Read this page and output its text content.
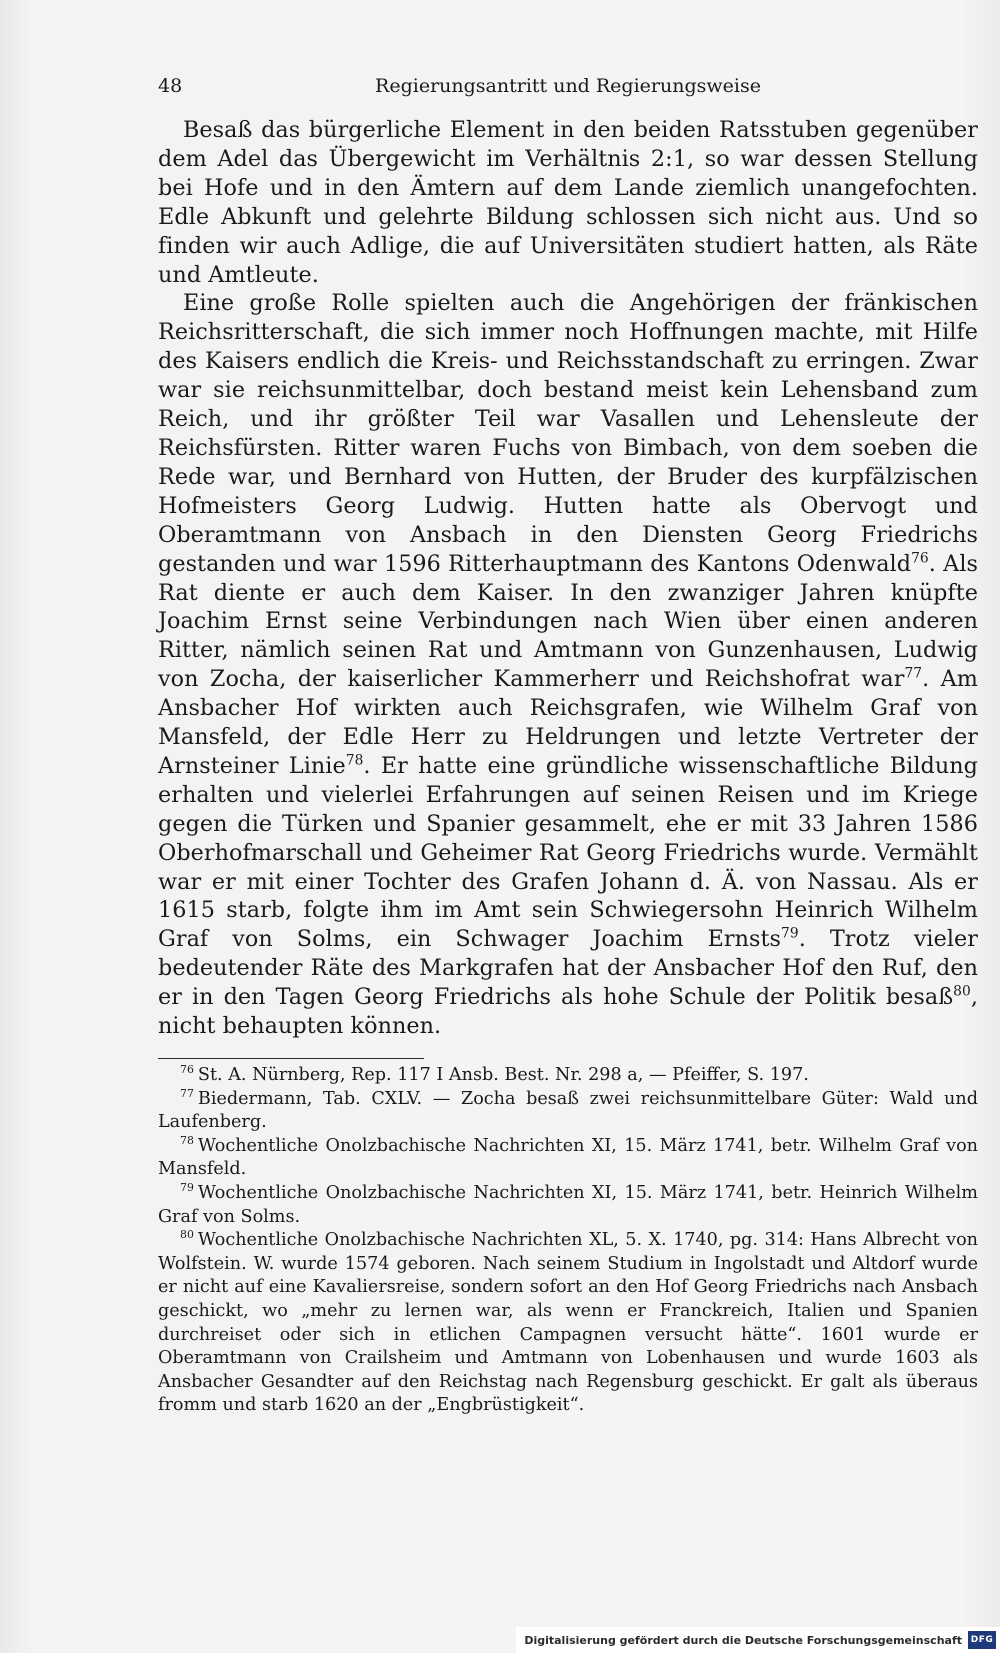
48	Regierungsantritt und Regierungsweise

Besaß das bürgerliche Element in den beiden Ratsstuben gegenüber dem Adel das Übergewicht im Verhältnis 2:1, so war dessen Stellung bei Hofe und in den Ämtern auf dem Lande ziemlich unangefochten. Edle Abkunft und gelehrte Bildung schlossen sich nicht aus. Und so finden wir auch Adlige, die auf Universitäten studiert hatten, als Räte und Amtleute.

Eine große Rolle spielten auch die Angehörigen der fränkischen Reichsritterschaft, die sich immer noch Hoffnungen machte, mit Hilfe des Kaisers endlich die Kreis- und Reichsstandschaft zu erringen. Zwar war sie reichsunmittelbar, doch bestand meist kein Lehensband zum Reich, und ihr größter Teil war Vasallen und Lehensleute der Reichsfürsten. Ritter waren Fuchs von Bimbach, von dem soeben die Rede war, und Bernhard von Hutten, der Bruder des kurpfälzischen Hofmeisters Georg Ludwig. Hutten hatte als Obervogt und Oberamtmann von Ansbach in den Diensten Georg Friedrichs gestanden und war 1596 Ritterhauptmann des Kantons Odenwald$^{76}$. Als Rat diente er auch dem Kaiser. In den zwanziger Jahren knüpfte Joachim Ernst seine Verbindungen nach Wien über einen anderen Ritter, nämlich seinen Rat und Amtmann von Gunzenhausen, Ludwig von Zocha, der kaiserlicher Kammerherr und Reichshofrat war$^{77}$. Am Ansbacher Hof wirkten auch Reichsgrafen, wie Wilhelm Graf von Mansfeld, der Edle Herr zu Heldrungen und letzte Vertreter der Arnsteiner Linie$^{78}$. Er hatte eine gründliche wissenschaftliche Bildung erhalten und vielerlei Erfahrungen auf seinen Reisen und im Kriege gegen die Türken und Spanier gesammelt, ehe er mit 33 Jahren 1586 Oberhofmarschall und Geheimer Rat Georg Friedrichs wurde. Vermählt war er mit einer Tochter des Grafen Johann d. Ä. von Nassau. Als er 1615 starb, folgte ihm im Amt sein Schwiegersohn Heinrich Wilhelm Graf von Solms, ein Schwager Joachim Ernsts$^{79}$. Trotz vieler bedeutender Räte des Markgrafen hat der Ansbacher Hof den Ruf, den er in den Tagen Georg Friedrichs als hohe Schule der Politik besaß$^{80}$, nicht behaupten können.

$^{76}$ St. A. Nürnberg, Rep. 117 I Ansb. Best. Nr. 298 a, — Pfeiffer, S. 197.

$^{77}$ Biedermann, Tab. CXLV. — Zocha besaß zwei reichsunmittelbare Güter: Wald und Laufenberg.

$^{78}$ Wochentliche Onolzbachische Nachrichten XI, 15. März 1741, betr. Wilhelm Graf von Mansfeld.

$^{79}$ Wochentliche Onolzbachische Nachrichten XI, 15. März 1741, betr. Heinrich Wilhelm Graf von Solms.

$^{80}$ Wochentliche Onolzbachische Nachrichten XL, 5. X. 1740, pg. 314: Hans Albrecht von Wolfstein. W. wurde 1574 geboren. Nach seinem Studium in Ingolstadt und Altdorf wurde er nicht auf eine Kavaliersreise, sondern sofort an den Hof Georg Friedrichs nach Ansbach geschickt, wo „mehr zu lernen war, als wenn er Franckreich, Italien und Spanien durchreiset oder sich in etlichen Campagnen versucht hätte“. 1601 wurde er Oberamtmann von Crailsheim und Amtmann von Lobenhausen und wurde 1603 als Ansbacher Gesandter auf den Reichstag nach Regensburg geschickt. Er galt als überaus fromm und starb 1620 an der „Engbrüstigkeit“.

Digitalisierung gefördert durch die Deutsche Forschungsgemeinschaft DFG
